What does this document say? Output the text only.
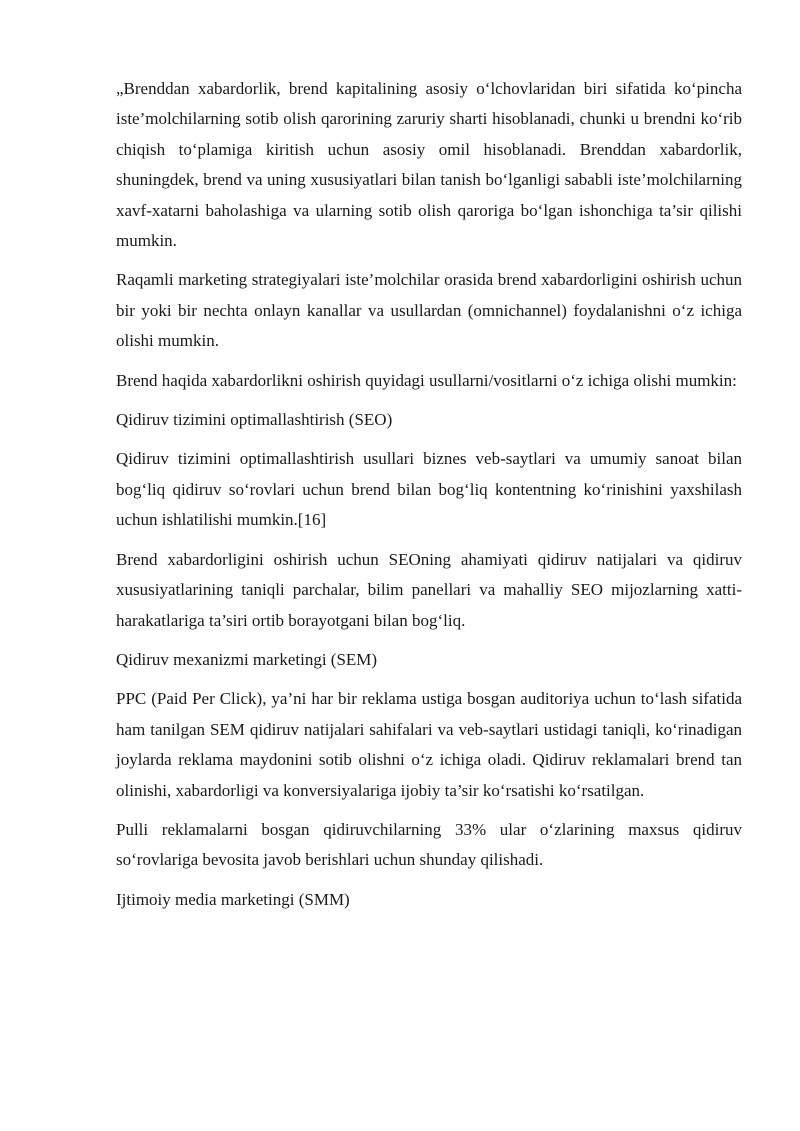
„Brenddan xabardorlik, brend kapitalining asosiy o‘lchovlaridan biri sifatida ko‘pincha iste’molchilarning sotib olish qarorining zaruriy sharti hisoblanadi, chunki u brendni ko‘rib chiqish to‘plamiga kiritish uchun asosiy omil hisoblanadi. Brenddan xabardorlik, shuningdek, brend va uning xususiyatlari bilan tanish bo‘lganligi sababli iste’molchilarning xavf-xatarni baholashiga va ularning sotib olish qaroriga bo‘lgan ishonchiga ta’sir qilishi mumkin.

Raqamli marketing strategiyalari iste’molchilar orasida brend xabardorligini oshirish uchun bir yoki bir nechta onlayn kanallar va usullardan (omnichannel) foydalanishni o‘z ichiga olishi mumkin.

Brend haqida xabardorlikni oshirish quyidagi usullarni/vositlarni o‘z ichiga olishi mumkin:

Qidiruv tizimini optimallashtirish (SEO)

Qidiruv tizimini optimallashtirish usullari biznes veb-saytlari va umumiy sanoat bilan bog‘liq qidiruv so‘rovlari uchun brend bilan bog‘liq kontentning ko‘rinishini yaxshilash uchun ishlatilishi mumkin.[16]

Brend xabardorligini oshirish uchun SEOning ahamiyati qidiruv natijalari va qidiruv xususiyatlarining taniqli parchalar, bilim panellari va mahalliy SEO mijozlarning xatti-harakatlariga ta’siri ortib borayotgani bilan bog‘liq.

Qidiruv mexanizmi marketingi (SEM)

PPC (Paid Per Click), ya’ni har bir reklama ustiga bosgan auditoriya uchun to‘lash sifatida ham tanilgan SEM qidiruv natijalari sahifalari va veb-saytlari ustidagi taniqli, ko‘rinadigan joylarda reklama maydonini sotib olishni o‘z ichiga oladi. Qidiruv reklamalari brend tan olinishi, xabardorligi va konversiyalariga ijobiy ta’sir ko‘rsatishi ko‘rsatilgan.

Pulli reklamalarni bosgan qidiruvchilarning 33% ular o‘zlarining maxsus qidiruv so‘rovlariga bevosita javob berishlari uchun shunday qilishadi.

Ijtimoiy media marketingi (SMM)
